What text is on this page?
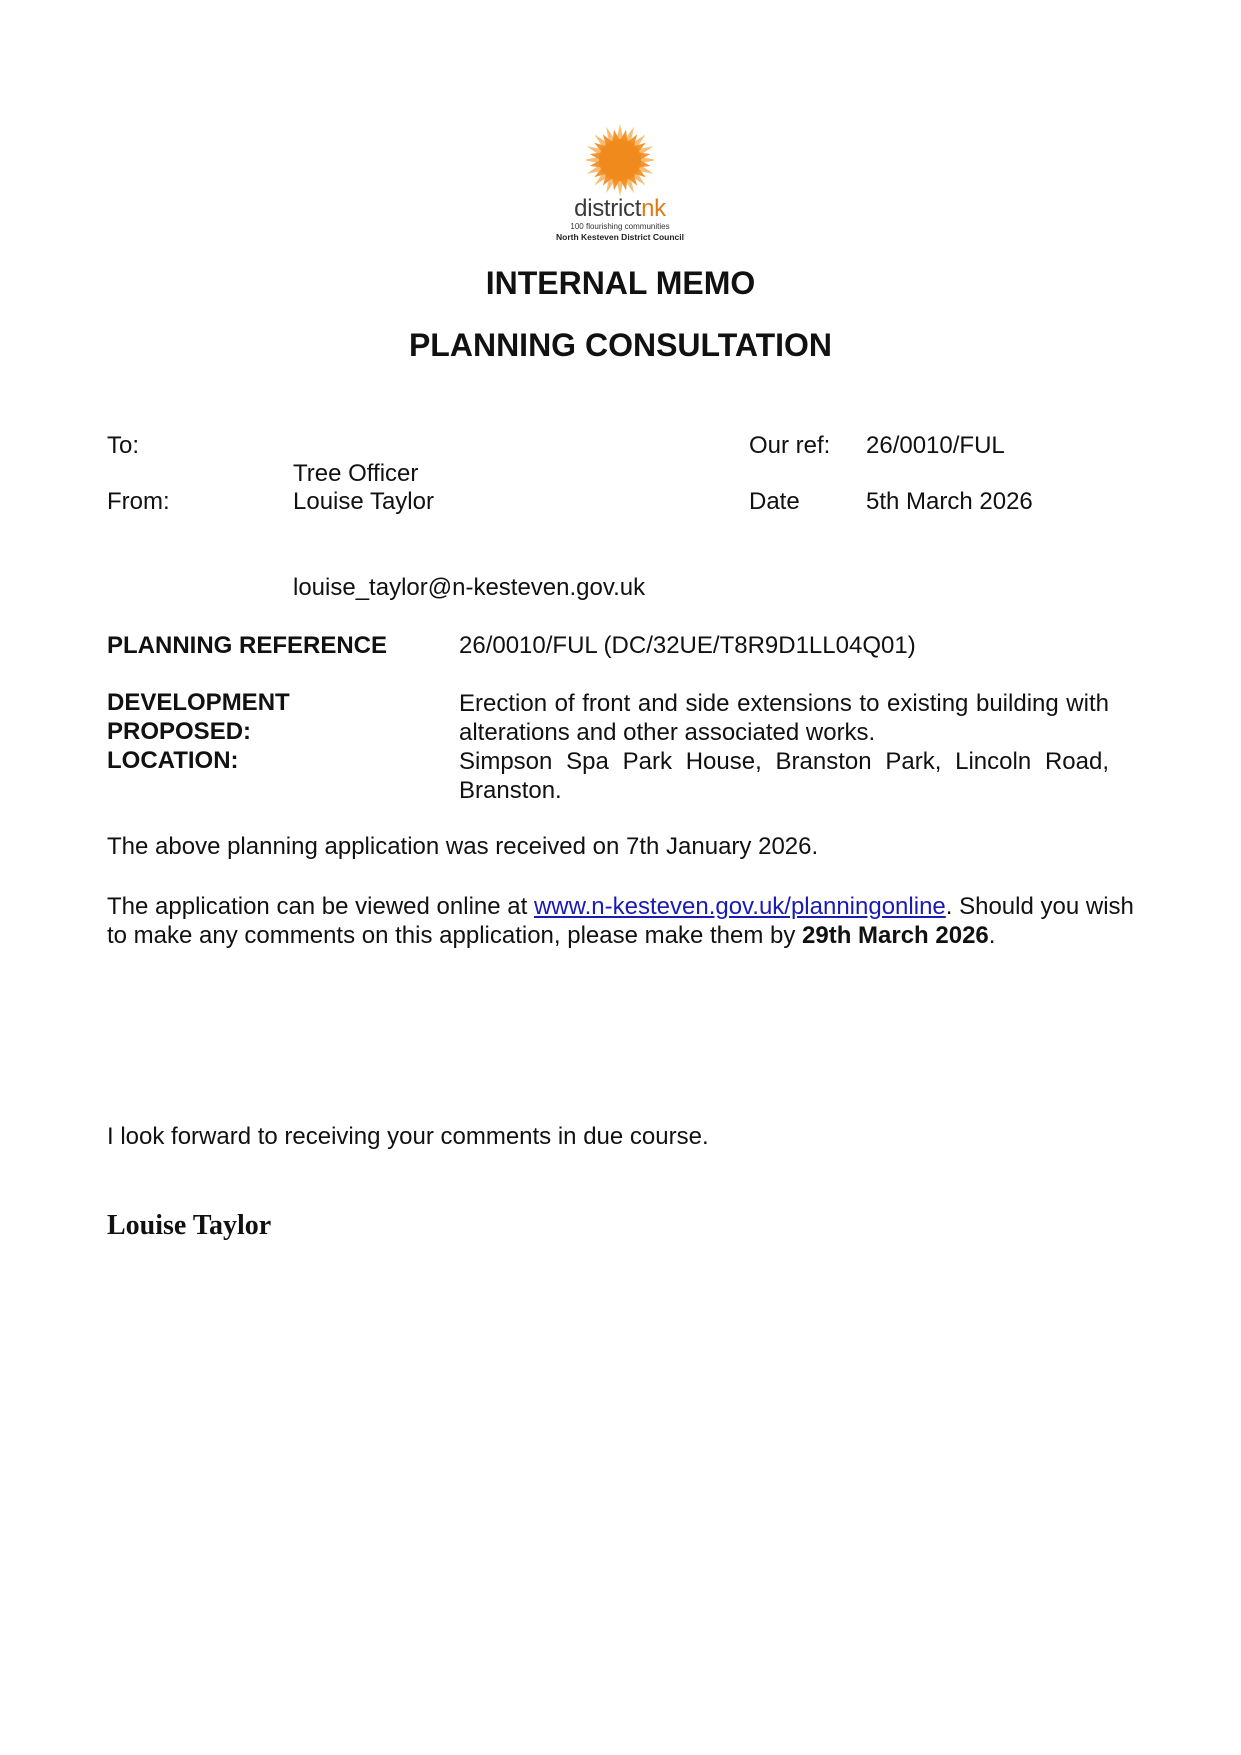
districtnk
100 flourishing communities
North Kesteven District Council
INTERNAL MEMO
PLANNING CONSULTATION
To:
Tree Officer
From:	Louise Taylor
louise_taylor@n-kesteven.gov.uk
Our ref: 26/0010/FUL
Date	5th March 2026
PLANNING REFERENCE	26/0010/FUL (DC/32UE/T8R9D1LL04Q01)
DEVELOPMENT
PROPOSED:
Erection of front and side extensions to existing building with alterations and other associated works.
LOCATION:	Simpson Spa Park House, Branston Park, Lincoln Road, Branston.
The above planning application was received on 7th January 2026.
The application can be viewed online at www.n-kesteven.gov.uk/planningonline. Should you wish to make any comments on this application, please make them by 29th March 2026.
I look forward to receiving your comments in due course.
Louise Taylor
